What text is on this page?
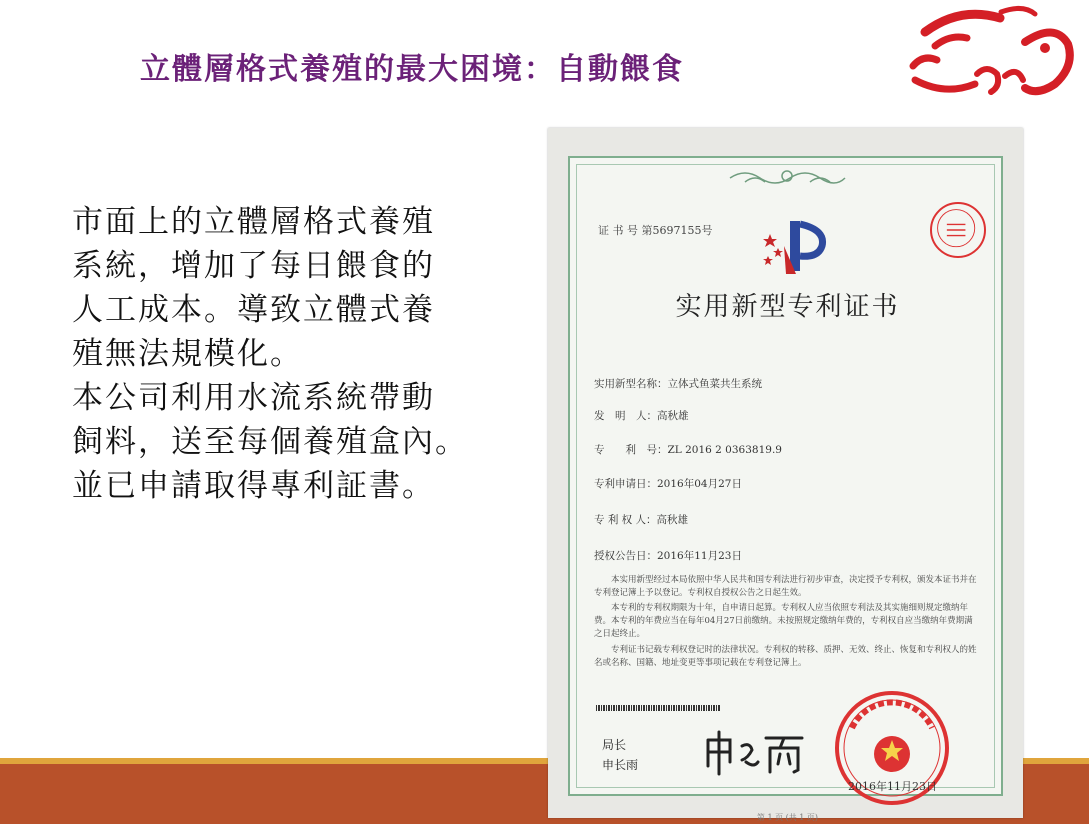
立體層格式養殖的最大困境：自動餵食
市面上的立體層格式養殖
系統，增加了每日餵食的
人工成本。導致立體式養
殖無法規模化。
本公司利用水流系統帶動
飼料，送至每個養殖盒內。
並已申請取得專利証書。
证 书 号 第5697155号
实用新型专利证书
实用新型名称：立体式鱼菜共生系统
发　明　人：高秋雄
专　　利　号：ZL 2016 2 0363819.9
专利申请日：2016年04月27日
专 利 权 人：高秋雄
授权公告日：2016年11月23日
本实用新型经过本局依照中华人民共和国专利法进行初步审查，决定授予专利权，颁发本证书并在专利登记簿上予以登记。专利权自授权公告之日起生效。
本专利的专利权期限为十年，自申请日起算。专利权人应当依照专利法及其实施细则规定缴纳年费。本专利的年费应当在每年04月27日前缴纳。未按照规定缴纳年费的，专利权自应当缴纳年费期满之日起终止。
专利证书记载专利权登记时的法律状况。专利权的转移、质押、无效、终止、恢复和专利权人的姓名或名称、国籍、地址变更等事项记载在专利登记簿上。
局长
申长雨
2016年11月23日
第 1 页 (共 1 页)
